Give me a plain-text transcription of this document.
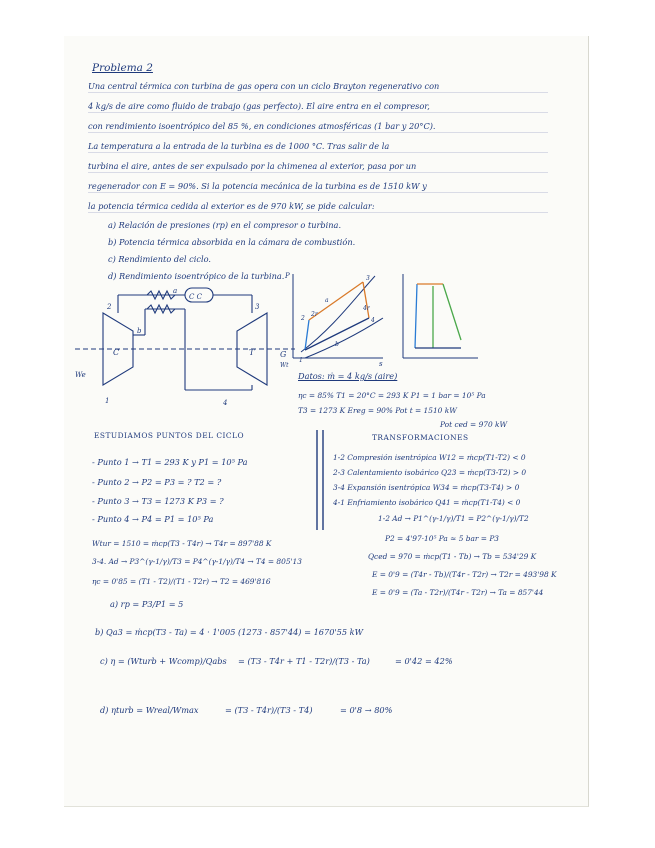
Problema 2
Una central térmica con turbina de gas opera con un ciclo Brayton regenerativo con
4 kg/s de aire como fluido de trabajo (gas perfecto). El aire entra en el compresor,
con rendimiento isoentrópico del 85 %, en condiciones atmosféricas (1 bar y 20°C).
La temperatura a la entrada de la turbina es de 1000 °C. Tras salir de la
turbina el aire, antes de ser expulsado por la chimenea al exterior, pasa por un
regenerador con E = 90%. Si la potencia mecánica de la turbina es de 1510 kW y
la potencia térmica cedida al exterior es de 970 kW, se pide calcular:
a) Relación de presiones (rp) en el compresor o turbina.
b) Potencia térmica absorbida en la cámara de combustión.
c) Rendimiento del ciclo.
d) Rendimiento isoentrópico de la turbina.
C	T
C C
We
G
Wt
1
2	3
4
a
b
P
s
1
2
2r
3
4
4r
a
b
Datos: ṁ = 4 kg/s (aire)
ηc = 85% T1 = 20°C = 293 K P1 = 1 bar = 10⁵ Pa
T3 = 1273 K Ereg = 90% Pot t = 1510 kW
Pot ced = 970 kW
ESTUDIAMOS PUNTOS DEL CICLO
- Punto 1 → T1 = 293 K y P1 = 10⁵ Pa
- Punto 2 → P2 = P3 = ? T2 = ?
- Punto 3 → T3 = 1273 K P3 = ?
- Punto 4 → P4 = P1 = 10⁵ Pa
TRANSFORMACIONES
1-2 Compresión isentrópica W12 = ṁcp(T1-T2) < 0
2-3 Calentamiento isobárico Q23 = ṁcp(T3-T2) > 0
3-4 Expansión isentrópica W34 = ṁcp(T3-T4) > 0
4-1 Enfriamiento isobárico Q41 = ṁcp(T1-T4) < 0
Wtur = 1510 = ṁcp(T3 - T4r) → T4r = 897'88 K
3-4. Ad → P3^(γ-1/γ)/T3 = P4^(γ-1/γ)/T4 → T4 = 805'13
ηc = 0'85 = (T1 - T2)/(T1 - T2r) → T2 = 469'816
a) rp = P3/P1 = 5
1-2 Ad → P1^(γ-1/γ)/T1 = P2^(γ-1/γ)/T2
P2 = 4'97·10⁵ Pa ≈ 5 bar = P3
Qced = 970 = ṁcp(T1 - Tb) → Tb = 534'29 K
E = 0'9 = (T4r - Tb)/(T4r - T2r) → T2r = 493'98 K
E = 0'9 = (Ta - T2r)/(T4r - T2r) → Ta = 857'44
b) Qa3 = ṁcp(T3 - Ta) = 4 · 1'005 (1273 - 857'44) = 1670'55 kW
c) η = (Wturb + Wcomp)/Qabs = (T3 - T4r + T1 - T2r)/(T3 - Ta)	= 0'42 = 42%
d) ηturb = Wreal/Wmax	= (T3 - T4r)/(T3 - T4)	= 0'8 → 80%
